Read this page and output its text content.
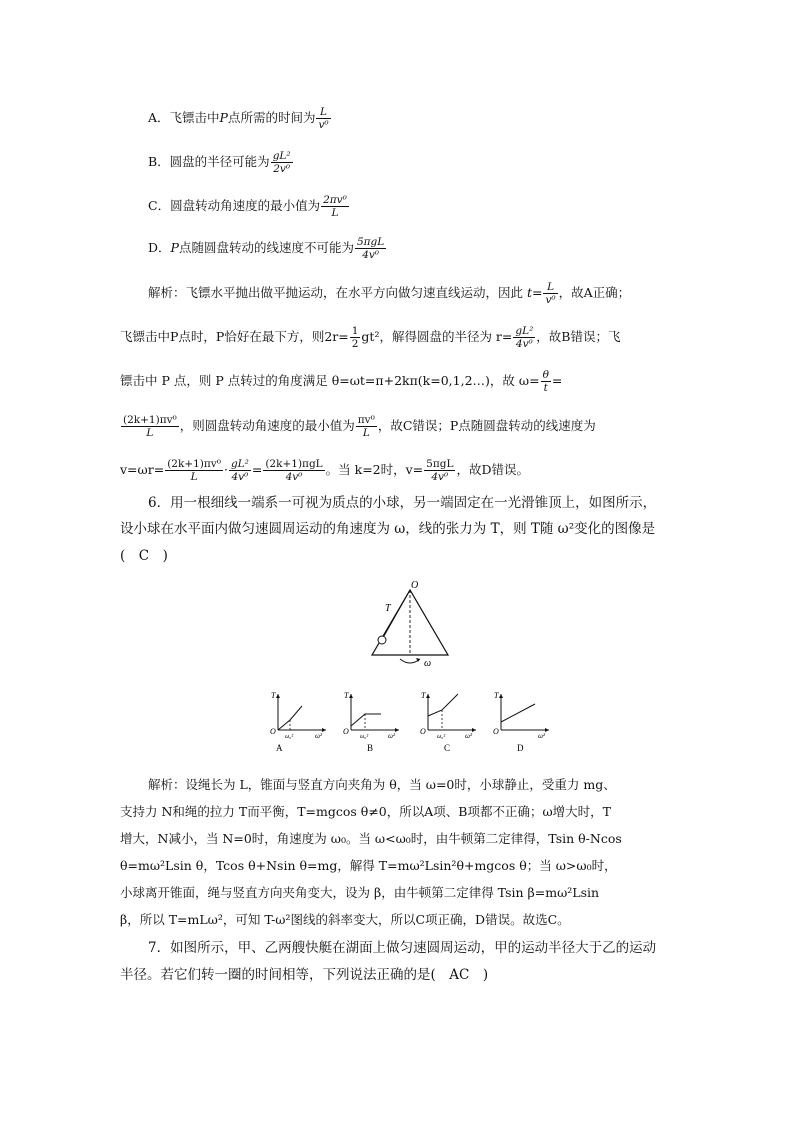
A．飞镖击中P点所需的时间为 $\frac{L}{\text{v⁰}}$
B．圆盘的半径可能为 $\frac{\text{gL²}}{\text{2v⁰}}$
C．圆盘转动角速度的最小值为 $\frac{\text{2πv⁰}}{L}$
D．P点随圆盘转动的线速度不可能为 $\frac{\text{5πgL}}{\text{4v⁰}}$
解析：飞镖水平抛出做平抛运动，在水平方向做匀速直线运动，因此 $t= \frac{L}{\text{v⁰}}$ ，故A正确；
飞镖击中P点时，P恰好在最下方，则$2r= \frac{1}{2} gt^2$，解得圆盘的半径为 $r= \frac{\text{gL²}}{\text{4v⁰}}$ ，故B错误；飞
镖击中 P 点，则 P 点转过的角度满足 θ=ωt=π+2kπ(k=0,1,2…)，故 $\omega= \frac{\theta}{t}$ =
$\frac{\text{(2k+1)πv⁰}}{L}$ ，则圆盘转动角速度的最小值为 $\frac{\text{πv⁰}}{L}$ ，故C错误；P点随圆盘转动的线速度为
$v=\omega r= \frac{\text{(2k+1)πv⁰}}{L} \cdot \frac{\text{gL²}}{\text{4v⁰}} = \frac{\text{(2k+1)πgL}}{\text{4v⁰}}$ 。当 k=2时，$v= \frac{\text{5πgL}}{\text{4v⁰}}$ ，故D错误。
6．用一根细线一端系一可视为质点的小球，另一端固定在一光滑锥顶上，如图所示，
设小球在水平面内做匀速圆周运动的角速度为 ω，线的张力为 T，则 T随 ω²变化的图像是
(　C　)
O
T
ω
T
O	ω²
ω₀²
A
T
O	ω²
ω₀²
B
T
O	ω²
ω₀²
C
T
O	ω²
D
解析：设绳长为 L，锥面与竖直方向夹角为 θ，当 ω=0时，小球静止，受重力 mg、
支持力 N和绳的拉力 T而平衡，T=mgcos θ≠0，所以A项、B项都不正确；ω增大时，T
增大，N减小，当 N=0时，角速度为 ω₀。当 ω<ω₀时，由牛顿第二定律得，Tsin θ-Ncos
θ=mω²Lsin θ，Tcos θ+Nsin θ=mg，解得 T=mω²Lsin²θ+mgcos θ；当 ω>ω₀时，
小球离开锥面，绳与竖直方向夹角变大，设为 β，由牛顿第二定律得 Tsin β=mω²Lsin
β，所以 T=mLω²，可知 T-ω²图线的斜率变大，所以C项正确，D错误。故选C。
7．如图所示，甲、乙两艘快艇在湖面上做匀速圆周运动，甲的运动半径大于乙的运动
半径。若它们转一圈的时间相等，下列说法正确的是(　AC　)
